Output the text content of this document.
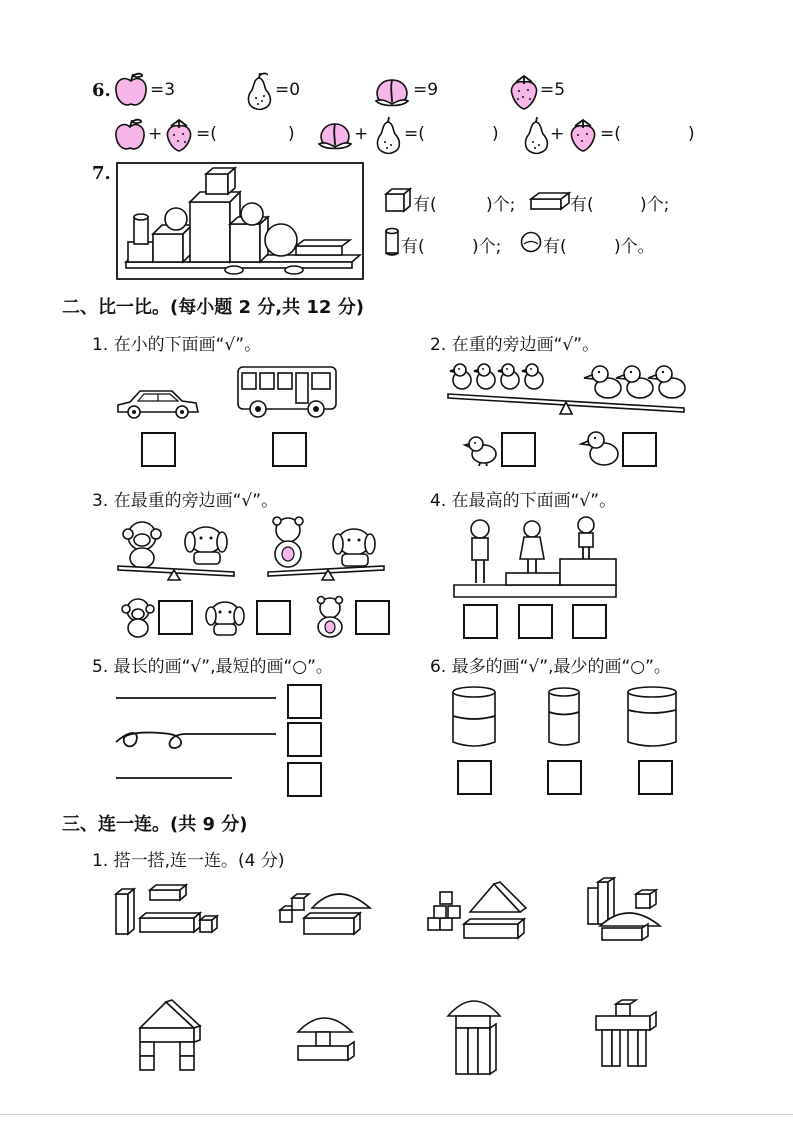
6. =3	=0	=9	=5
+ =(	)	+ =(	)	+ =(	)
7.
有(	)个;	有(	)个;
有(	)个; 有(	)个。
二、比一比。(每小题 2 分,共 12 分)
1. 在小的下面画“√”。	2. 在重的旁边画“√”。
3. 在最重的旁边画“√”。	4. 在最高的下面画“√”。
5. 最长的画“√”,最短的画“○”。	6. 最多的画“√”,最少的画“○”。
三、连一连。(共 9 分)
1. 搭一搭,连一连。(4 分)
